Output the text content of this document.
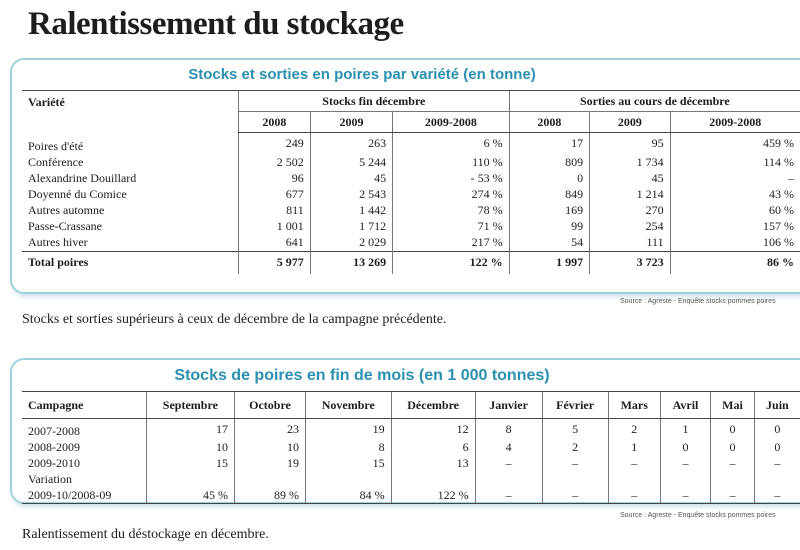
Ralentissement du stockage
Stocks et sorties en poires par variété (en tonne)
Variété	Stocks fin décembre			Sorties au cours de décembre		
	2008	2009	2009-2008	2008	2009	2009-2008
Poires d'été	249	263	6 %	17	95	459 %
Conférence	2 502	5 244	110 %	809	1 734	114 %
Alexandrine Douillard	96	45	- 53 %	0	45	–
Doyenné du Comice	677	2 543	274 %	849	1 214	43 %
Autres automne	811	1 442	78 %	169	270	60 %
Passe-Crassane	1 001	1 712	71 %	99	254	157 %
Autres hiver	641	2 029	217 %	54	111	106 %
Total poires	5 977	13 269	122 %	1 997	3 723	86 %
Source : Agreste - Enquête stocks pommes poires
Stocks et sorties supérieurs à ceux de décembre de la campagne précédente.
Stocks de poires en fin de mois (en 1 000 tonnes)
Campagne	Septembre	Octobre	Novembre	Décembre	Janvier	Février	Mars	Avril	Mai	Juin
2007-2008	17	23	19	12	8	5	2	1	0	0
2008-2009	10	10	8	6	4	2	1	0	0	0
2009-2010	15	19	15	13	–	–	–	–	–	–
Variation										
2009-10/2008-09	45 %	89 %	84 %	122 %	–	–	–	–	–	–
Source : Agreste - Enquête stocks pommes poires
Ralentissement du déstockage en décembre.
